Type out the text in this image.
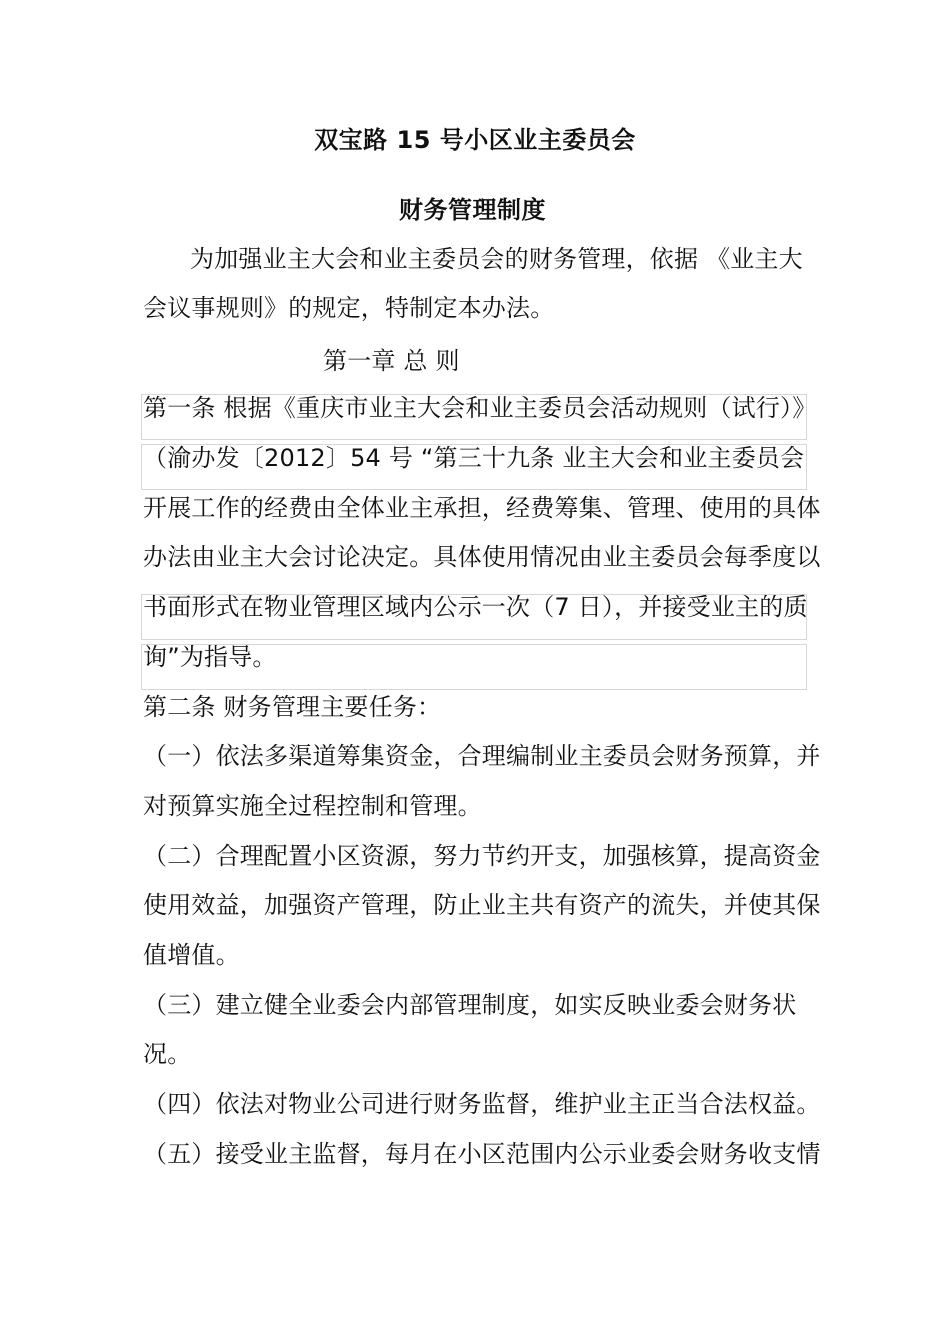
双宝路 15 号小区业主委员会
财务管理制度
为加强业主大会和业主委员会的财务管理，依据 《业主大
会议事规则》的规定，特制定本办法。
第一章 总 则
第一条 根据《重庆市业主大会和业主委员会活动规则（试行）》
（渝办发〔2012〕54 号 “第三十九条 业主大会和业主委员会
开展工作的经费由全体业主承担，经费筹集、管理、使用的具体
办法由业主大会讨论决定。具体使用情况由业主委员会每季度以
书面形式在物业管理区域内公示一次（7 日），并接受业主的质
询”为指导。
第二条 财务管理主要任务：
（一）依法多渠道筹集资金，合理编制业主委员会财务预算，并
对预算实施全过程控制和管理。
（二）合理配置小区资源，努力节约开支，加强核算，提高资金
使用效益，加强资产管理，防止业主共有资产的流失，并使其保
值增值。
（三）建立健全业委会内部管理制度，如实反映业委会财务状
况。
（四）依法对物业公司进行财务监督，维护业主正当合法权益。
（五）接受业主监督，每月在小区范围内公示业委会财务收支情
